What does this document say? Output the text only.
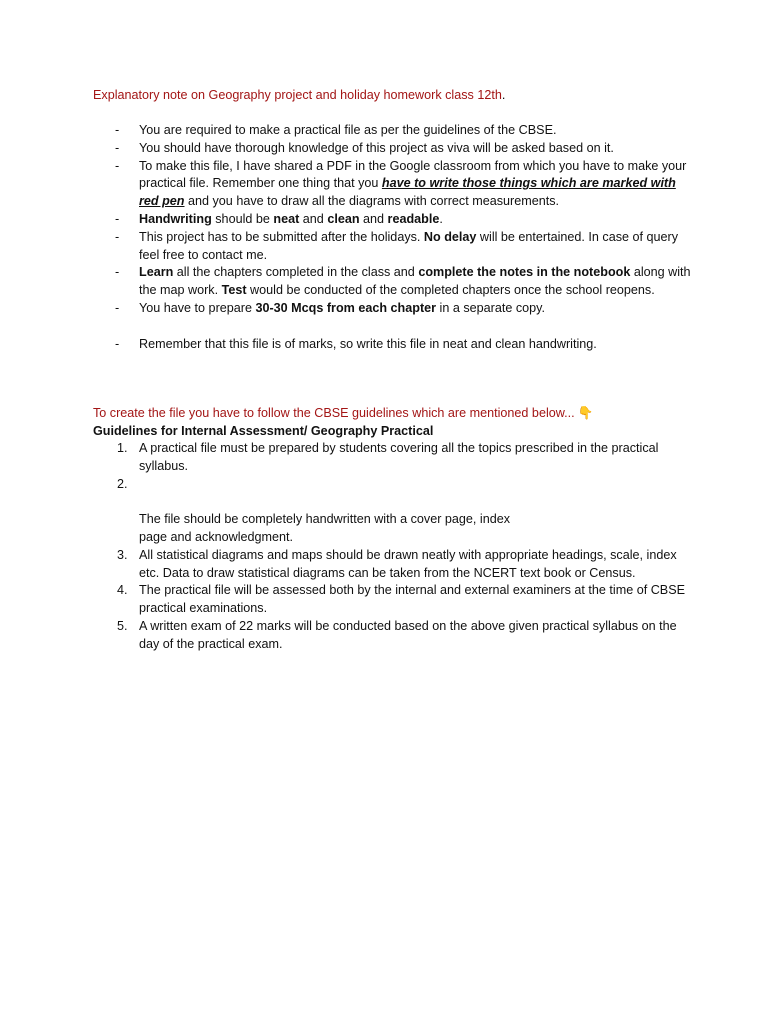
Explanatory note on Geography project and holiday homework class 12th.
- You are required to make a practical file as per the guidelines of the CBSE.
- You should have thorough knowledge of this project as viva will be asked based on it.
- To make this file, I have shared a PDF in the Google classroom from which you have to make your practical file. Remember one thing that you have to write those things which are marked with red pen and you have to draw all the diagrams with correct measurements.
- Handwriting should be neat and clean and readable.
- This project has to be submitted after the holidays. No delay will be entertained. In case of query feel free to contact me.
- Learn all the chapters completed in the class and complete the notes in the notebook along with the map work. Test would be conducted of the completed chapters once the school reopens.
- You have to prepare 30-30 Mcqs from each chapter in a separate copy.
- Remember that this file is of marks, so write this file in neat and clean handwriting.
To create the file you have to follow the CBSE guidelines which are mentioned below... 👇
Guidelines for Internal Assessment/ Geography Practical
1. A practical file must be prepared by students covering all the topics prescribed in the practical syllabus.

2.

The file should be completely handwritten with a cover page, index
page and acknowledgment.

3. All statistical diagrams and maps should be drawn neatly with appropriate headings, scale, index etc. Data to draw statistical diagrams can be taken from the NCERT text book or Census.
4. The practical file will be assessed both by the internal and external examiners at the time of CBSE practical examinations.
5. A written exam of 22 marks will be conducted based on the above given practical syllabus on the day of the practical exam.
